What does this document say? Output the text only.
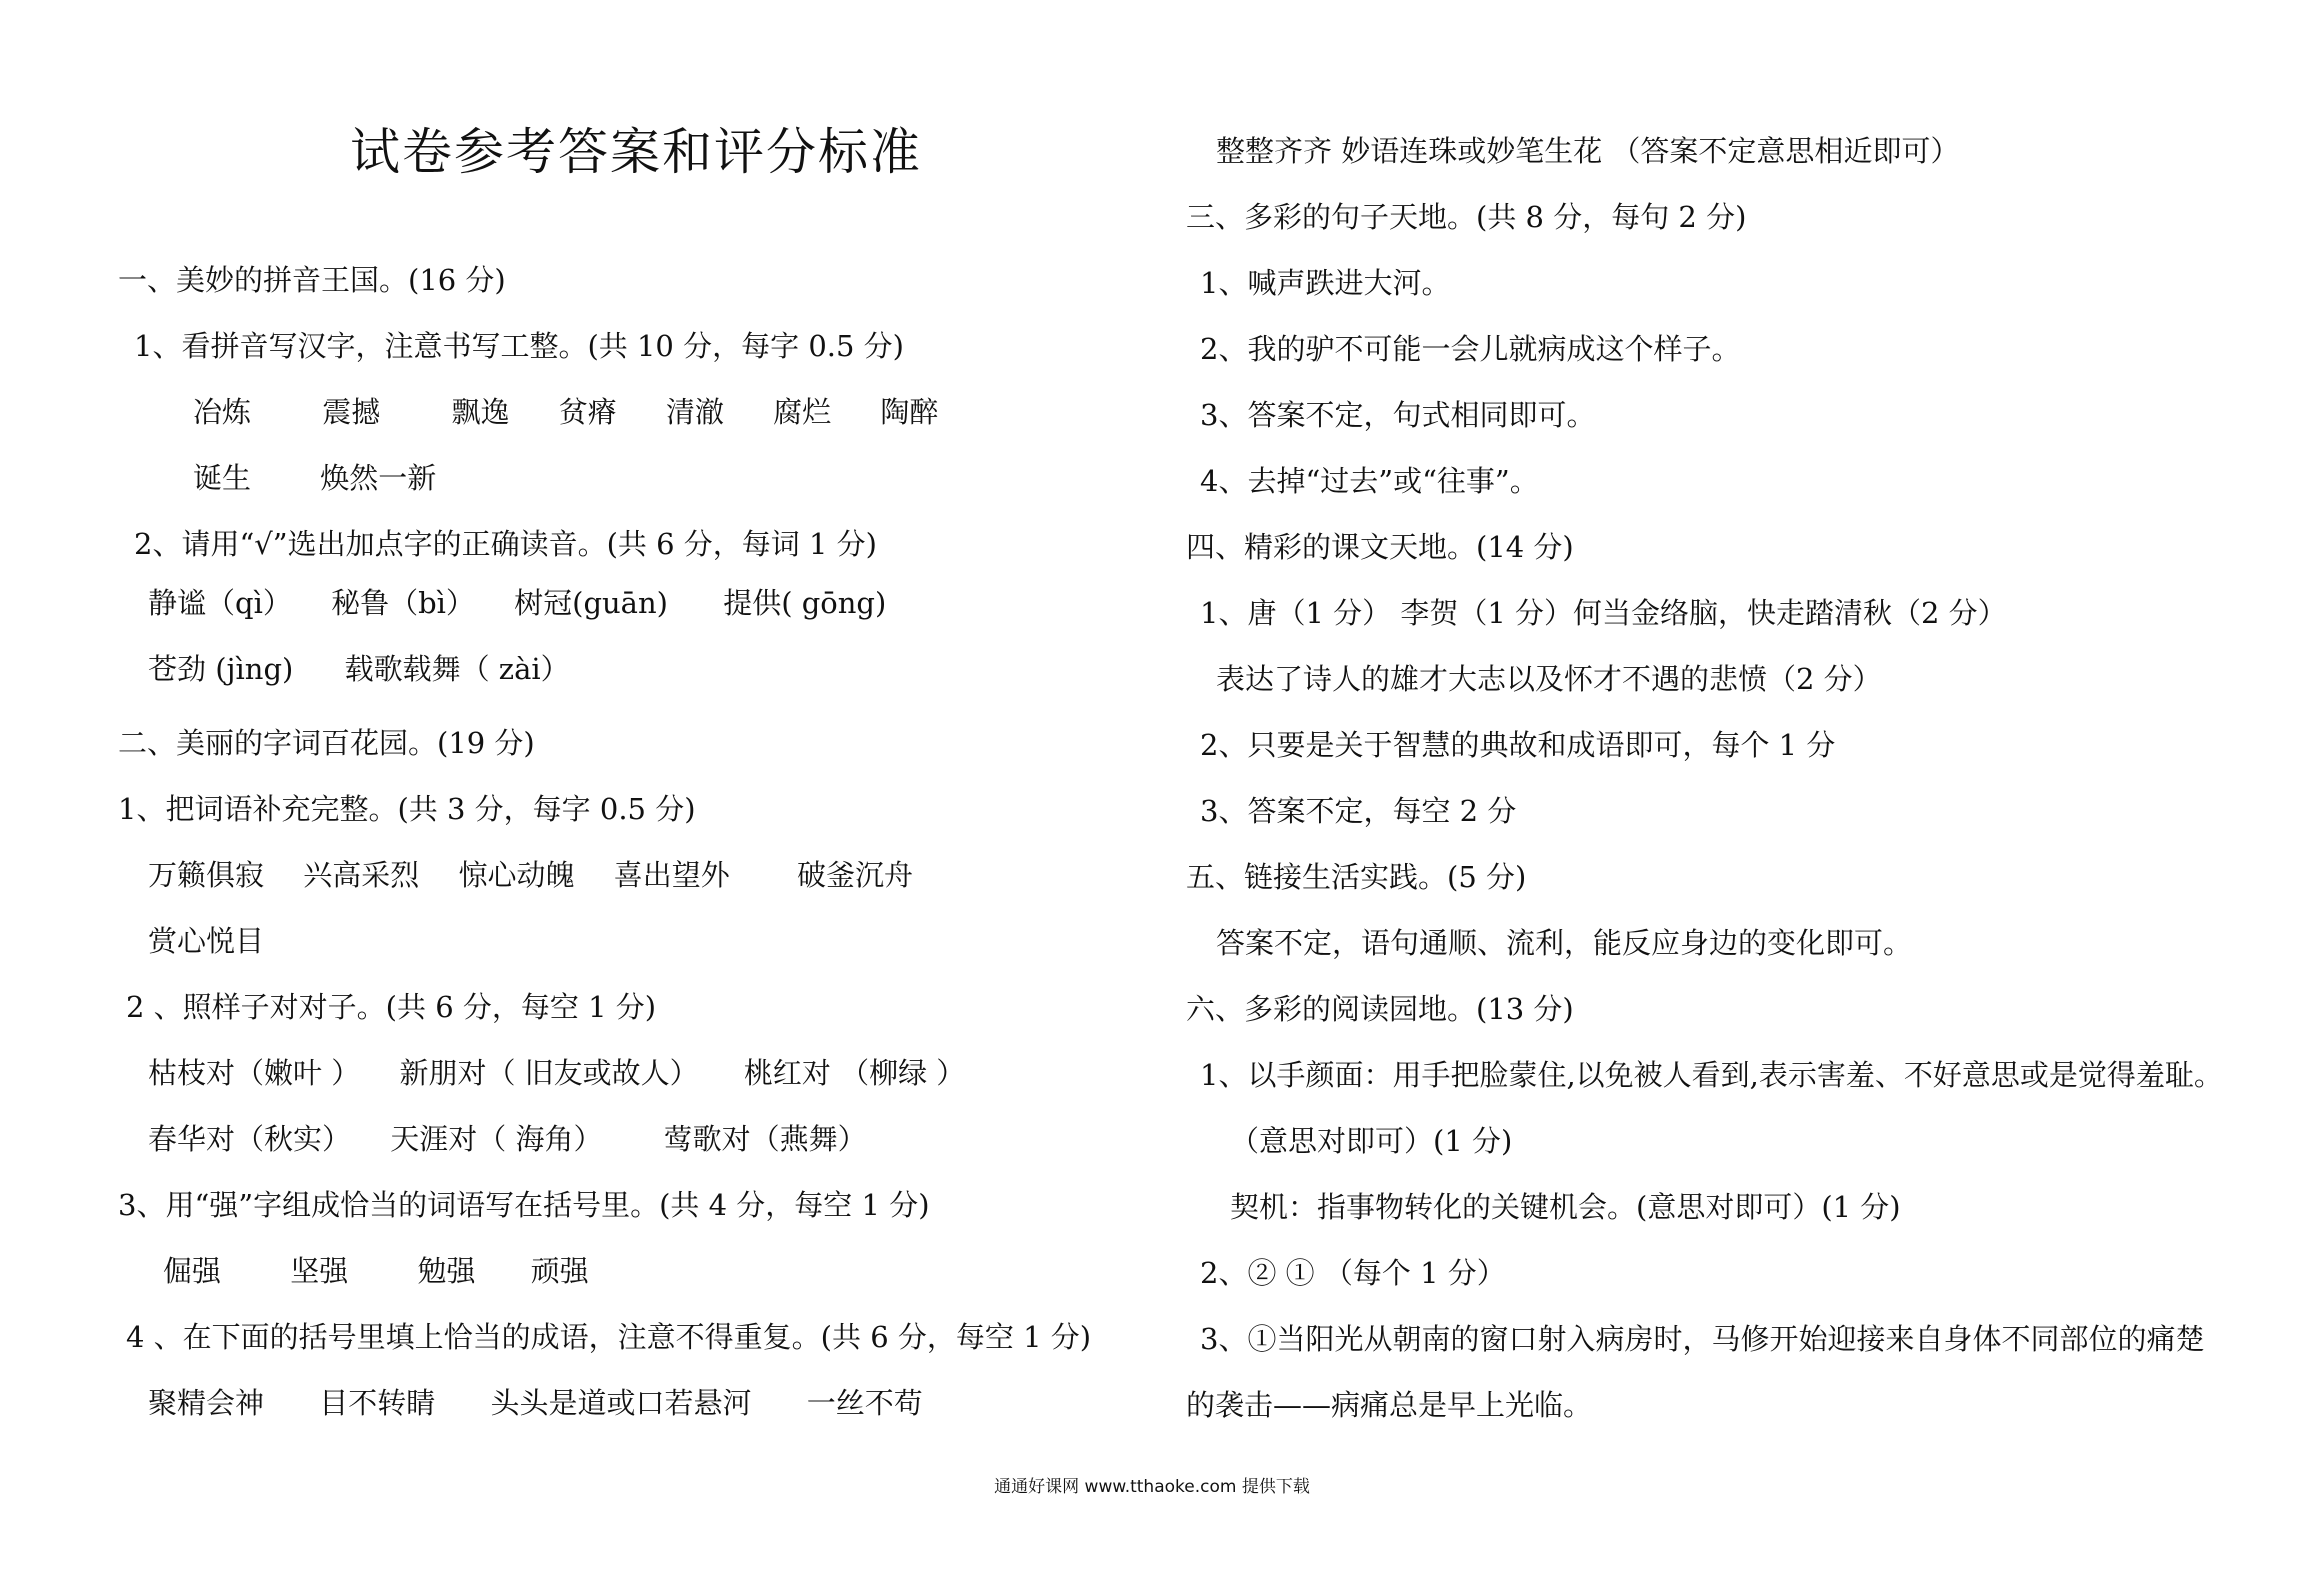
试卷参考答案和评分标准
一、美妙的拼音王国。(16 分)
1、看拼音写汉字，注意书写工整。(共 10 分，每字 0.5 分)
冶炼 震撼 飘逸 贫瘠 清澈 腐烂 陶醉
诞生 焕然一新
2、请用“√”选出加点字的正确读音。(共 6 分，每词 1 分)
静谧（qì） 秘鲁（bì） 树冠(guān) 提供( gōng)
苍劲 (jìng) 载歌载舞（ zài）
二、美丽的字词百花园。(19 分)
1、把词语补充完整。(共 3 分，每字 0.5 分)
万籁俱寂 兴高采烈 惊心动魄 喜出望外 破釜沉舟
赏心悦目
2 、照样子对对子。(共 6 分，每空 1 分)
枯枝对（嫩叶 ） 新朋对（ 旧友或故人） 桃红对 （柳绿 ）
春华对（秋实） 天涯对（ 海角） 莺歌对（燕舞）
3、用“强”字组成恰当的词语写在括号里。(共 4 分，每空 1 分)
倔强 坚强 勉强 顽强
4 、在下面的括号里填上恰当的成语，注意不得重复。(共 6 分，每空 1 分)
聚精会神 目不转睛 头头是道或口若悬河 一丝不苟
整整齐齐 妙语连珠或妙笔生花 （答案不定意思相近即可）
三、多彩的句子天地。(共 8 分，每句 2 分)
1、喊声跌进大河。
2、我的驴不可能一会儿就病成这个样子。
3、答案不定，句式相同即可。
4、去掉“过去”或“往事”。
四、精彩的课文天地。(14 分)
1、唐（1 分） 李贺（1 分）何当金络脑，快走踏清秋（2 分）
表达了诗人的雄才大志以及怀才不遇的悲愤（2 分）
2、只要是关于智慧的典故和成语即可，每个 1 分
3、答案不定，每空 2 分
五、链接生活实践。(5 分)
答案不定，语句通顺、流利，能反应身边的变化即可。
六、多彩的阅读园地。(13 分)
1、以手颜面：用手把脸蒙住,以免被人看到,表示害羞、不好意思或是觉得羞耻。
（意思对即可）(1 分)
契机：指事物转化的关键机会。(意思对即可）(1 分)
2、② ① （每个 1 分）
3、①当阳光从朝南的窗口射入病房时，马修开始迎接来自身体不同部位的痛楚
的袭击——病痛总是早上光临。
通通好课网 www.tthaoke.com 提供下载
